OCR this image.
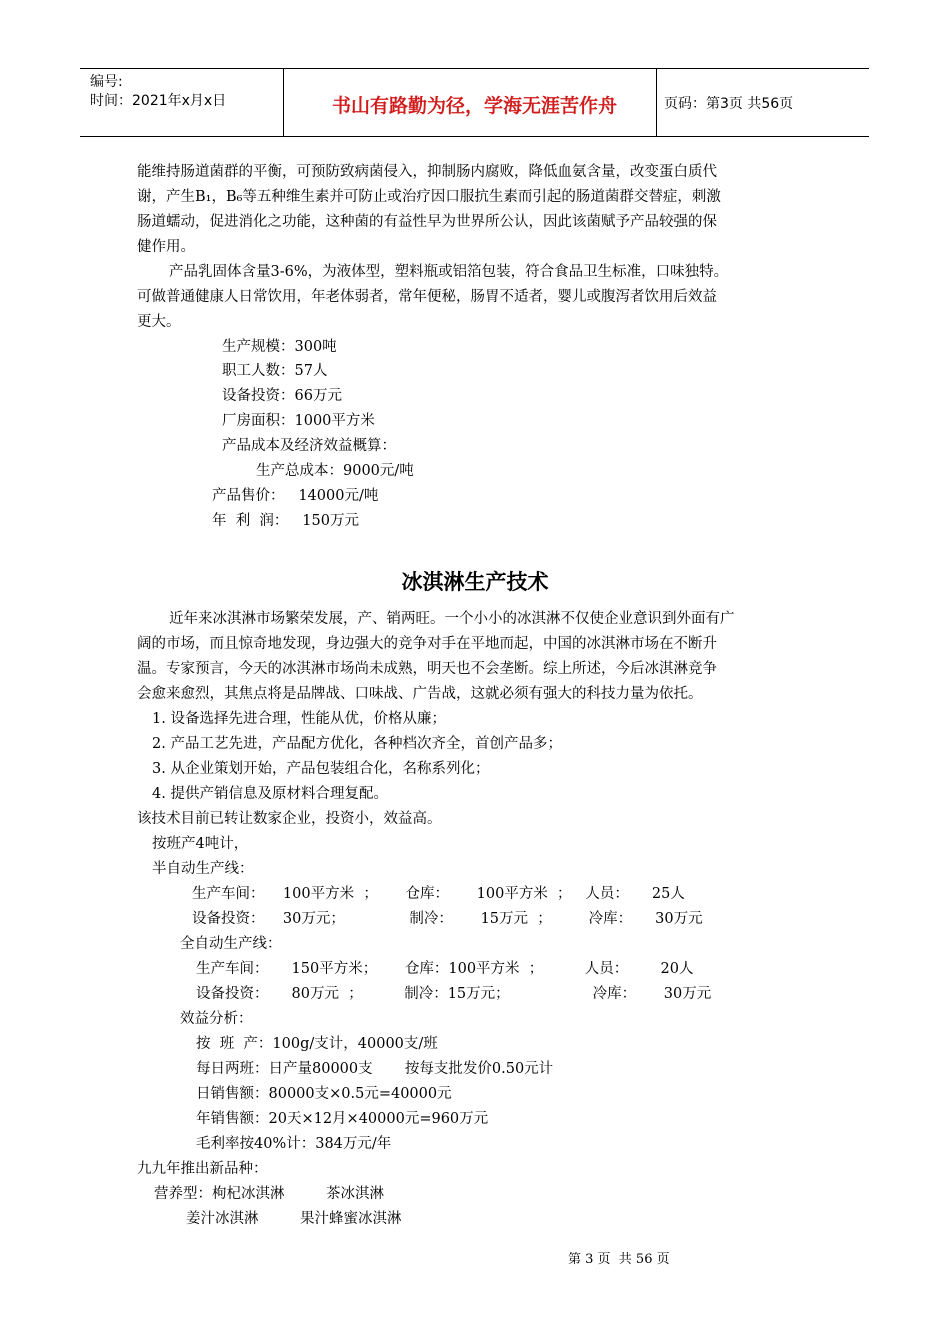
编号:
时间：2021年x月x日	书山有路勤为径，学海无涯苦作舟	页码：第3页 共56页
能维持肠道菌群的平衡，可预防致病菌侵入，抑制肠内腐败，降低血氨含量，改变蛋白质代
谢，产生B₁，B₆等五种维生素并可防止或治疗因口服抗生素而引起的肠道菌群交替症，刺激
肠道蠕动，促进消化之功能，这种菌的有益性早为世界所公认，因此该菌赋予产品较强的保
健作用。
产品乳固体含量3-6%，为液体型，塑料瓶或铝箔包装，符合食品卫生标准，口味独特。
可做普通健康人日常饮用，年老体弱者，常年便秘，肠胃不适者，婴儿或腹泻者饮用后效益
更大。
生产规模：300吨
职工人数：57人
设备投资：66万元
厂房面积：1000平方米
产品成本及经济效益概算：
生产总成本：9000元/吨
产品售价：   14000元/吨
年  利  润：   150万元
冰淇淋生产技术
近年来冰淇淋市场繁荣发展，产、销两旺。一个小小的冰淇淋不仅使企业意识到外面有广
阔的市场，而且惊奇地发现，身边强大的竞争对手在平地而起，中国的冰淇淋市场在不断升
温。专家预言，今天的冰淇淋市场尚未成熟，明天也不会垄断。综上所述，今后冰淇淋竞争
会愈来愈烈，其焦点将是品牌战、口味战、广告战，这就必须有强大的科技力量为依托。
1. 设备选择先进合理，性能从优，价格从廉；
2. 产品工艺先进，产品配方优化，各种档次齐全，首创产品多；
3. 从企业策划开始，产品包装组合化，名称系列化；
4. 提供产销信息及原材料合理复配。
该技术目前已转让数家企业，投资小，效益高。
按班产4吨计，
半自动生产线：
生产车间：    100平方米  ；      仓库：      100平方米  ；   人员：     25人
设备投资：    30万元；              制冷：      15万元  ；        冷库：     30万元
全自动生产线：
生产车间：     150平方米；      仓库：100平方米  ；         人员：       20人
设备投资：     80万元  ；         制冷：15万元；                  冷库：      30万元
效益分析：
按  班  产：100g/支计，40000支/班
每日两班：日产量80000支       按每支批发价0.50元计
日销售额：80000支×0.5元=40000元
年销售额：20天×12月×40000元=960万元
毛利率按40%计：384万元/年
九九年推出新品种：
营养型：枸杞冰淇淋         茶冰淇淋
姜汁冰淇淋         果汁蜂蜜冰淇淋
第 3 页  共 56 页
